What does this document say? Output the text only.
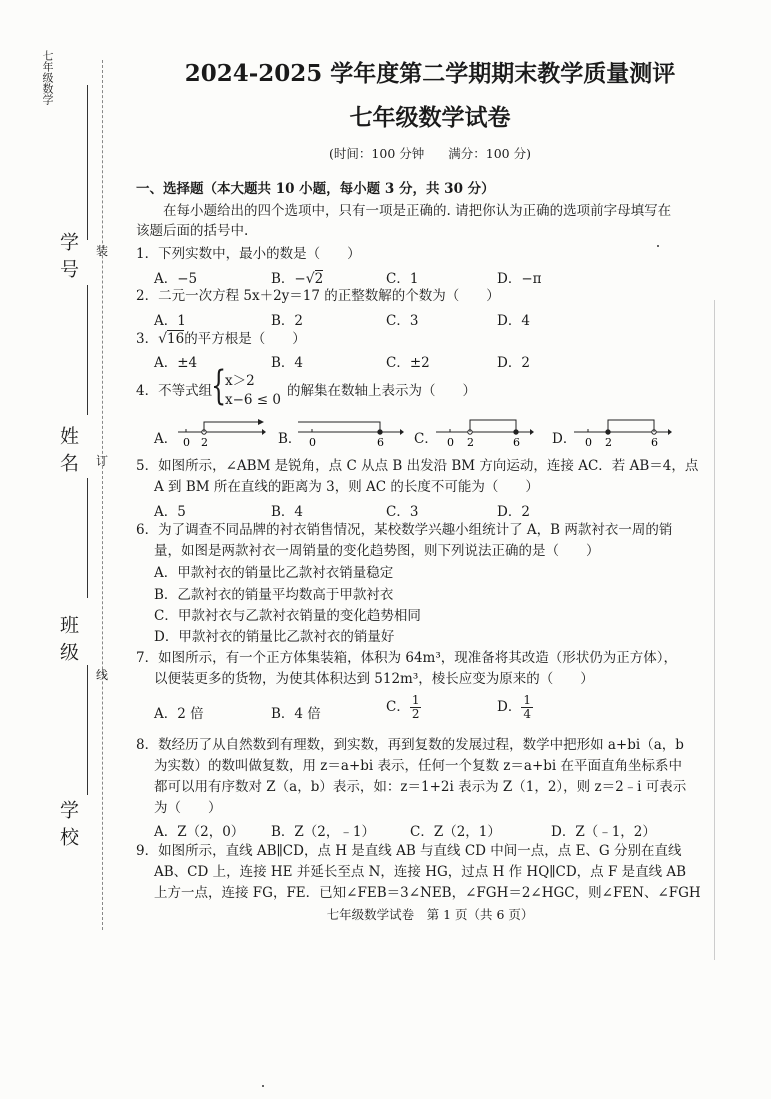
七年级数学
学号
姓名
班级
学校
装
订
线
2024-2025 学年度第二学期期末教学质量测评
七年级数学试卷
(时间：100 分钟 满分：100 分)
一、选择题（本大题共 10 小题，每小题 3 分，共 30 分）
在每小题给出的四个选项中，只有一项是正确的. 请把你认为正确的选项前字母填写在
该题后面的括号中.
1．下列实数中，最小的数是（　　）
A．−5	B．−√2	C．1	D．−π
2．二元一次方程 5x＋2y＝17 的正整数解的个数为（　　）
A．1	B．2	C．3	D．4
3．√16的平方根是（　　）
A．±4	B．4	C．±2	D．2
4．不等式组
{
x＞2
x−6 ≤ 0
的解集在数轴上表示为（　　）
A． 0 2	B． 0	6 C． 0 2	6 D． 0 2	6
5．如图所示，∠ABM 是锐角，点 C 从点 B 出发沿 BM 方向运动，连接 AC．若 AB＝4，点
A 到 BM 所在直线的距离为 3，则 AC 的长度不可能为（　　）
A．5	B．4	C．3	D．2
6．为了调查不同品牌的衬衣销售情况，某校数学兴趣小组统计了 A，B 两款衬衣一周的销
量，如图是两款衬衣一周销量的变化趋势图，则下列说法正确的是（　　）
A．甲款衬衣的销量比乙款衬衣销量稳定
B．乙款衬衣的销量平均数高于甲款衬衣
C．甲款衬衣与乙款衬衣销量的变化趋势相同
D．甲款衬衣的销量比乙款衬衣的销量好
7．如图所示，有一个正方体集装箱，体积为 64m³，现准备将其改造（形状仍为正方体），
以便装更多的货物，为使其体积达到 512m³，棱长应变为原来的（　　）
A．2 倍	B．4 倍	C． $\frac{1}{2}$	D． $\frac{1}{4}$
8．数经历了从自然数到有理数，到实数，再到复数的发展过程，数学中把形如 a+bi（a，b
为实数）的数叫做复数，用 z＝a+bi 表示，任何一个复数 z＝a+bi 在平面直角坐标系中
都可以用有序数对 Z（a，b）表示，如：z＝1+2i 表示为 Z（1，2），则 z＝2﹣i 可表示
为（　　）
A．Z（2，0） B．Z（2，﹣1）	C．Z（2，1）	D．Z（﹣1，2）
9．如图所示，直线 AB∥CD，点 H 是直线 AB 与直线 CD 中间一点，点 E、G 分别在直线
AB、CD 上，连接 HE 并延长至点 N，连接 HG，过点 H 作 HQ∥CD，点 F 是直线 AB
上方一点，连接 FG，FE．已知∠FEB＝3∠NEB，∠FGH＝2∠HGC，则∠FEN、∠FGH
七年级数学试卷　第 1 页（共 6 页）
